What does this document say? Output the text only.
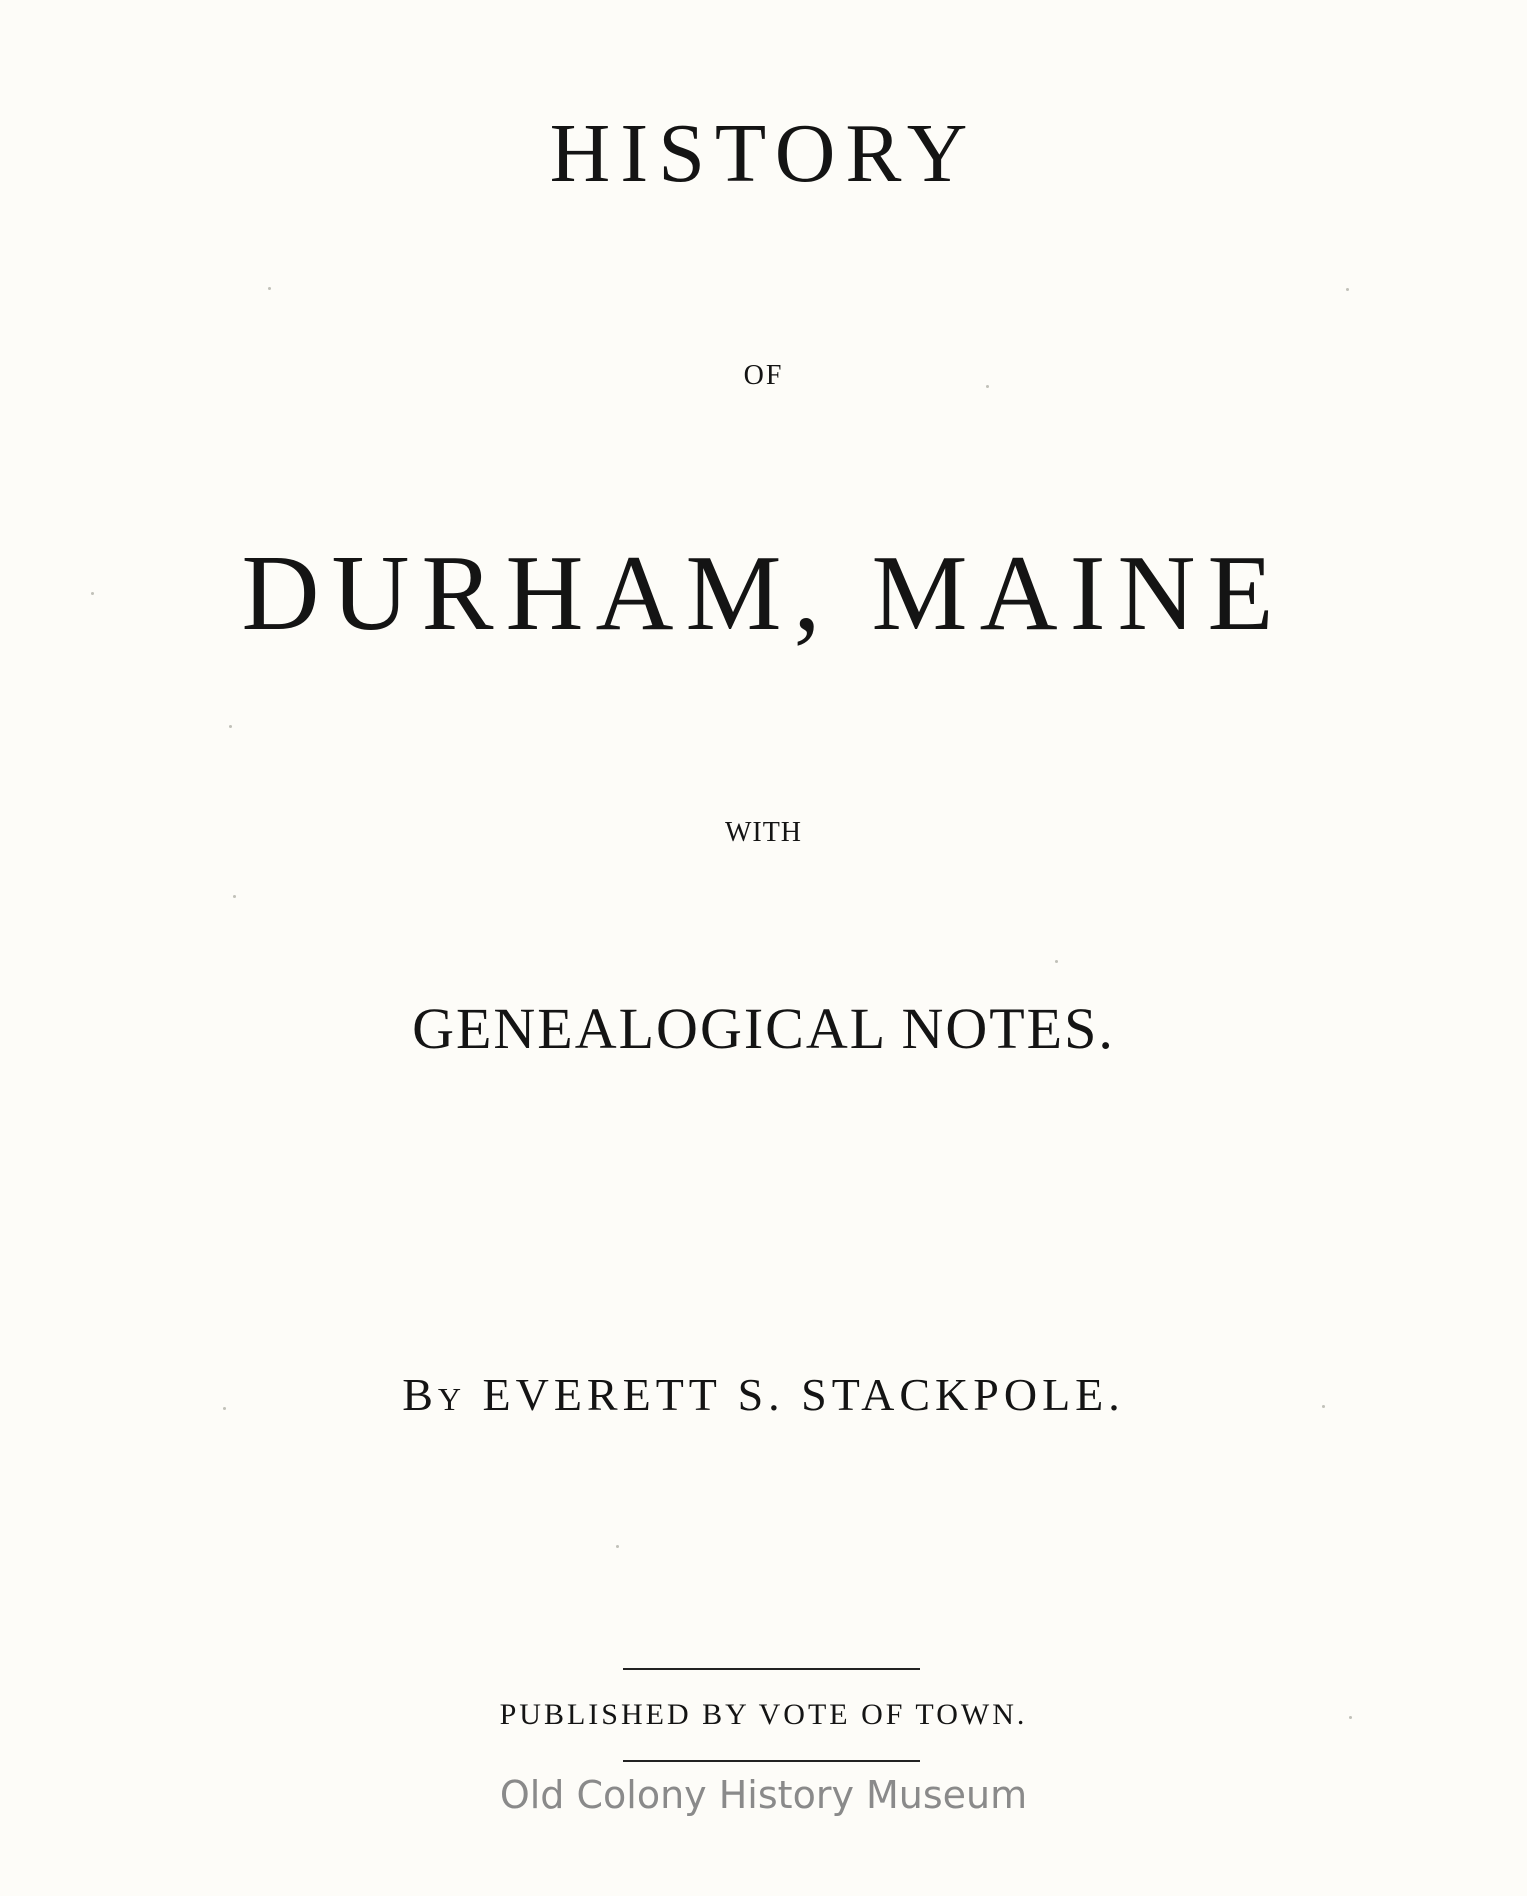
HISTORY
OF
DURHAM, MAINE
WITH
GENEALOGICAL NOTES.
By EVERETT S. STACKPOLE.
PUBLISHED BY VOTE OF TOWN.
Old Colony History Museum
